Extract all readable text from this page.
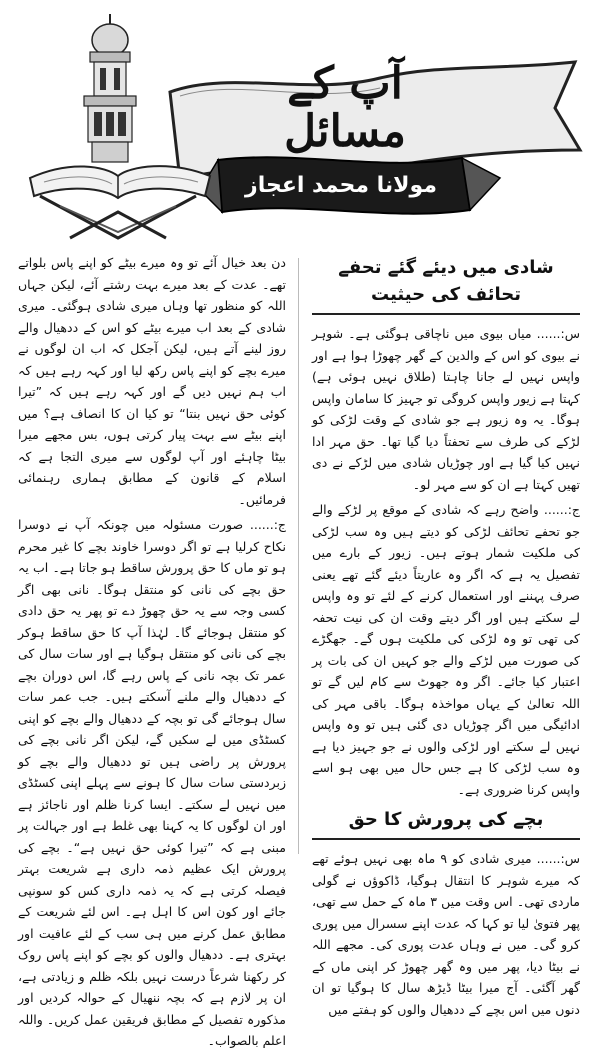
آپ کے مسائل
مولانا محمد اعجاز مصطفیٰ
شادی میں دیئے گئے تحفے تحائف کی حیثیت

س:...... میاں بیوی میں ناچاقی ہوگئی ہے۔ شوہر نے بیوی کو اس کے والدین کے گھر چھوڑا ہوا ہے اور واپس نہیں لے جانا چاہتا (طلاق نہیں ہوئی ہے) کہتا ہے زیور واپس کروگی تو جہیز کا سامان واپس ہوگا۔ یہ وہ زیور ہے جو شادی کے وقت لڑکی کو لڑکے کی طرف سے تحفتاً دیا گیا تھا۔ حق مہر ادا نہیں کیا گیا ہے اور چوڑیاں شادی میں لڑکے نے دی تھیں کہتا ہے ان کو سے مہر لو۔

ج:...... واضح رہے کہ شادی کے موقع پر لڑکے والے جو تحفے تحائف لڑکی کو دیتے ہیں وہ سب لڑکی کی ملکیت شمار ہوتے ہیں۔ زیور کے بارے میں تفصیل یہ ہے کہ اگر وہ عاریتاً دیئے گئے تھے یعنی صرف پہننے اور استعمال کرنے کے لئے تو وہ واپس لے سکتے ہیں اور اگر دیتے وقت ان کی نیت تحفہ کی تھی تو وہ لڑکی کی ملکیت ہوں گے۔ جھگڑے کی صورت میں لڑکے والے جو کہیں ان کی بات پر اعتبار کیا جائے۔ اگر وہ جھوٹ سے کام لیں گے تو اللہ تعالیٰ کے یہاں مواخذہ ہوگا۔ باقی مہر کی ادائیگی میں اگر چوڑیاں دی گئی ہیں تو وہ واپس نہیں لے سکتے اور لڑکی والوں نے جو جہیز دیا ہے وہ سب لڑکی کا ہے جس حال میں بھی ہو اسے واپس کرنا ضروری ہے۔

بچے کی پرورش کا حق

س:...... میری شادی کو ۹ ماہ بھی نہیں ہوئے تھے کہ میرے شوہر کا انتقال ہوگیا، ڈاکوؤں نے گولی ماردی تھی۔ اس وقت میں ۳ ماہ کے حمل سے تھی، پھر فتویٰ لیا تو کہا کہ عدت اپنے سسرال میں پوری کرو گی۔ میں نے وہاں عدت پوری کی۔ مجھے اللہ نے بیٹا دیا، پھر میں وہ گھر چھوڑ کر اپنی ماں کے گھر آگئی۔ آج میرا بیٹا ڈیڑھ سال کا ہوگیا تو ان دنوں میں اس بچے کے ددھیال والوں کو ہفتے میں

دن بعد خیال آئے تو وہ میرے بیٹے کو اپنے پاس بلواتے تھے۔ عدت کے بعد میرے بہت رشتے آئے، لیکن جہاں اللہ کو منظور تھا وہاں میری شادی ہوگئی۔ میری شادی کے بعد اب میرے بیٹے کو اس کے ددھیال والے روز لینے آتے ہیں، لیکن آجکل کہ اب ان لوگوں نے میرے بچے کو اپنے پاس رکھ لیا اور کہہ رہے ہیں کہ اب ہم نہیں دیں گے اور کہہ رہے ہیں کہ ”تیرا کوئی حق نہیں بنتا“ تو کیا ان کا انصاف ہے؟ میں اپنے بیٹے سے بہت پیار کرتی ہوں، بس مجھے میرا بیٹا چاہئے اور آپ لوگوں سے میری التجا ہے کہ اسلام کے قانون کے مطابق ہماری رہنمائی فرمائیں۔

ج:...... صورت مسئولہ میں چونکہ آپ نے دوسرا نکاح کرلیا ہے تو اگر دوسرا خاوند بچے کا غیر محرم ہو تو ماں کا حق پرورش ساقط ہو جاتا ہے۔ اب یہ حق بچے کی نانی کو منتقل ہوگا۔ نانی بھی اگر کسی وجہ سے یہ حق چھوڑ دے تو پھر یہ حق دادی کو منتقل ہوجائے گا۔ لہٰذا آپ کا حق ساقط ہوکر بچے کی نانی کو منتقل ہوگیا ہے اور سات سال کی عمر تک بچہ نانی کے پاس رہے گا، اس دوران بچے کے ددھیال والے ملنے آسکتے ہیں۔ جب عمر سات سال ہوجائے گی تو بچہ کے ددھیال والے بچے کو اپنی کسٹڈی میں لے سکیں گے، لیکن اگر نانی بچے کی پرورش پر راضی ہیں تو ددھیال والے بچے کو زبردستی سات سال کا ہونے سے پہلے اپنی کسٹڈی میں نہیں لے سکتے۔ ایسا کرنا ظلم اور ناجائز ہے اور ان لوگوں کا یہ کہنا بھی غلط ہے اور جہالت پر مبنی ہے کہ ”تیرا کوئی حق نہیں ہے“۔ بچے کی پرورش ایک عظیم ذمہ داری ہے شریعت بہتر فیصلہ کرتی ہے کہ یہ ذمہ داری کس کو سونپی جائے اور کون اس کا اہل ہے۔ اس لئے شریعت کے مطابق عمل کرنے میں ہی سب کے لئے عافیت اور بہتری ہے۔ ددھیال والوں کو بچے کو اپنے پاس روک کر رکھنا شرعاً درست نہیں بلکہ ظلم و زیادتی ہے، ان پر لازم ہے کہ بچہ ننھیال کے حوالہ کردیں اور مذکورہ تفصیل کے مطابق فریقین عمل کریں۔ واللہ اعلم بالصواب۔
